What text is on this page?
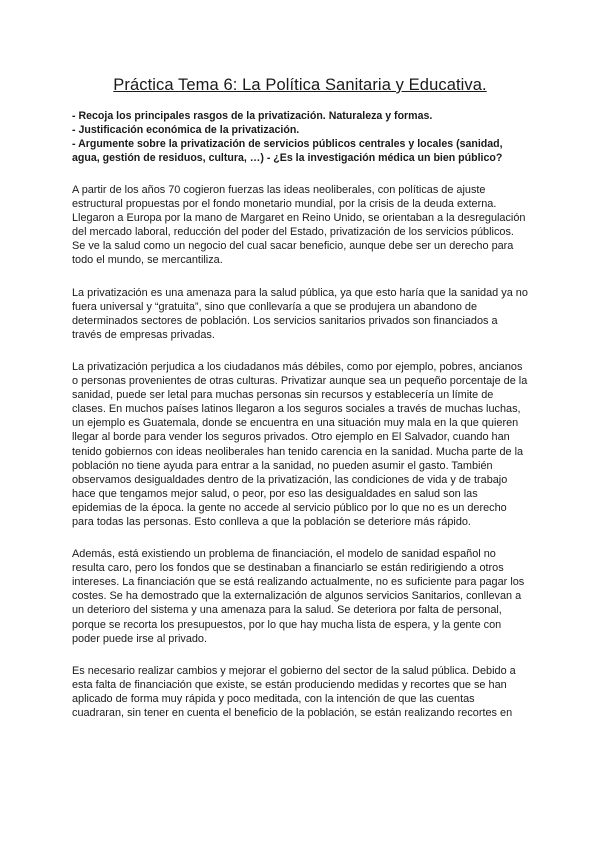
Práctica Tema 6: La Política Sanitaria y Educativa.
- Recoja los principales rasgos de la privatización. Naturaleza y formas.
- Justificación económica de la privatización.
- Argumente sobre la privatización de servicios públicos centrales y locales (sanidad, agua, gestión de residuos, cultura, …) - ¿Es la investigación médica un bien público?

A partir de los años 70 cogieron fuerzas las ideas neoliberales, con políticas de ajuste estructural propuestas por el fondo monetario mundial, por la crisis de la deuda externa. Llegaron a Europa por la mano de Margaret en Reino Unido, se orientaban a la desregulación del mercado laboral, reducción del poder del Estado, privatización de los servicios públicos. Se ve la salud como un negocio del cual sacar beneficio, aunque debe ser un derecho para todo el mundo, se mercantiliza.

La privatización es una amenaza para la salud pública, ya que esto haría que la sanidad ya no fuera universal y “gratuita”, sino que conllevaría a que se produjera un abandono de determinados sectores de población. Los servicios sanitarios privados son financiados a través de empresas privadas.

La privatización perjudica a los ciudadanos más débiles, como por ejemplo, pobres, ancianos o personas provenientes de otras culturas. Privatizar aunque sea un pequeño porcentaje de la sanidad, puede ser letal para muchas personas sin recursos y establecería un límite de clases. En muchos países latinos llegaron a los seguros sociales a través de muchas luchas, un ejemplo es Guatemala, donde se encuentra en una situación muy mala en la que quieren llegar al borde para vender los seguros privados. Otro ejemplo en El Salvador, cuando han tenido gobiernos con ideas neoliberales han tenido carencia en la sanidad. Mucha parte de la población no tiene ayuda para entrar a la sanidad, no pueden asumir el gasto. También observamos desigualdades dentro de la privatización, las condiciones de vida y de trabajo hace que tengamos mejor salud, o peor, por eso las desigualdades en salud son las epidemias de la época. la gente no accede al servicio público por lo que no es un derecho para todas las personas. Esto conlleva a que la población se deteriore más rápido.

Además, está existiendo un problema de financiación, el modelo de sanidad español no resulta caro, pero los fondos que se destinaban a financiarlo se están redirigiendo a otros intereses. La financiación que se está realizando actualmente, no es suficiente para pagar los costes. Se ha demostrado que la externalización de algunos servicios Sanitarios, conllevan a un deterioro del sistema y una amenaza para la salud. Se deteriora por falta de personal, porque se recorta los presupuestos, por lo que hay mucha lista de espera, y la gente con poder puede irse al privado.

Es necesario realizar cambios y mejorar el gobierno del sector de la salud pública. Debido a esta falta de financiación que existe, se están produciendo medidas y recortes que se han aplicado de forma muy rápida y poco meditada, con la intención de que las cuentas cuadraran, sin tener en cuenta el beneficio de la población, se están realizando recortes en
